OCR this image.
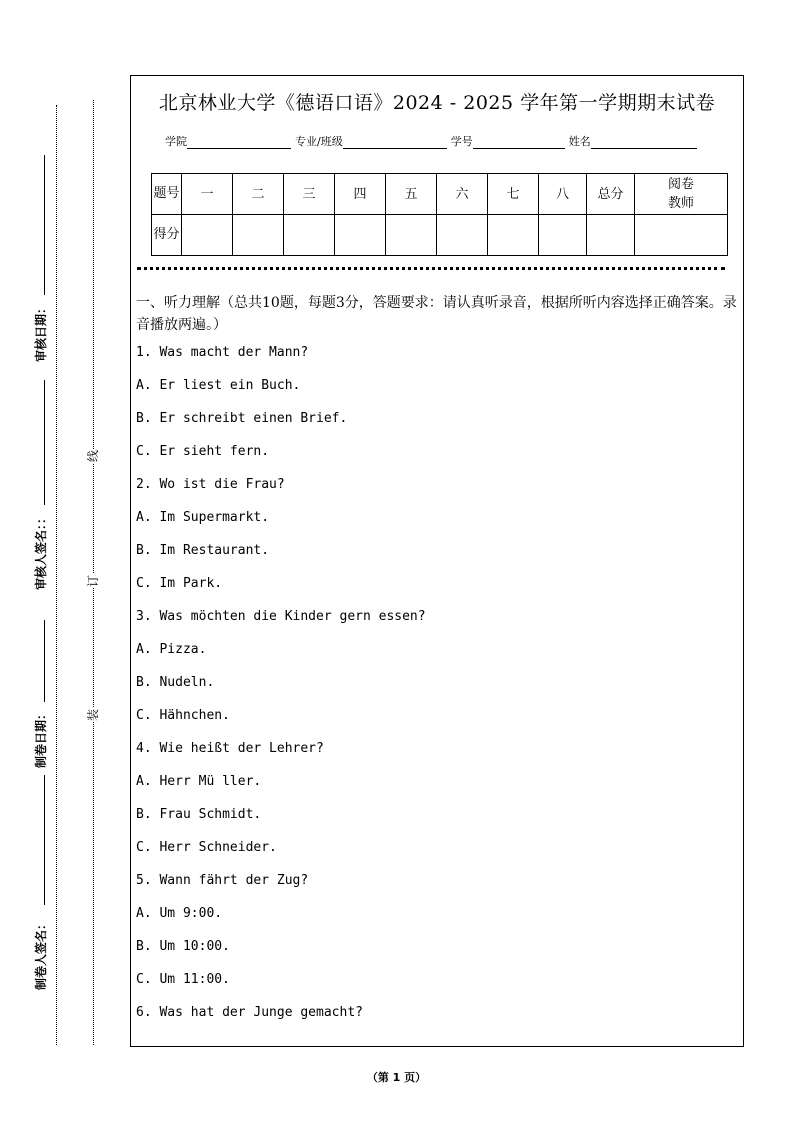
审核日期：
审核人签名：：
制卷日期：
制卷人签名：
线
订
装
北京林业大学《德语口语》2024 - 2025 学年第一学期期末试卷
学院	专业/班级	学号	姓名
题号	一	二	三	四	五	六	七	八	总分	阅卷教师
得分										

一、听力理解（总共10题，每题3分，答题要求：请认真听录音，根据所听内容选择正确答案。录音播放两遍。）

1. Was macht der Mann?

A. Er liest ein Buch.

B. Er schreibt einen Brief.

C. Er sieht fern.

2. Wo ist die Frau?

A. Im Supermarkt.

B. Im Restaurant.

C. Im Park.

3. Was möchten die Kinder gern essen?

A. Pizza.

B. Nudeln.

C. Hähnchen.

4. Wie heißt der Lehrer?

A. Herr Mü ller.

B. Frau Schmidt.

C. Herr Schneider.

5. Wann fährt der Zug?

A. Um 9:00.

B. Um 10:00.

C. Um 11:00.

6. Was hat der Junge gemacht?

（第 1 页）
